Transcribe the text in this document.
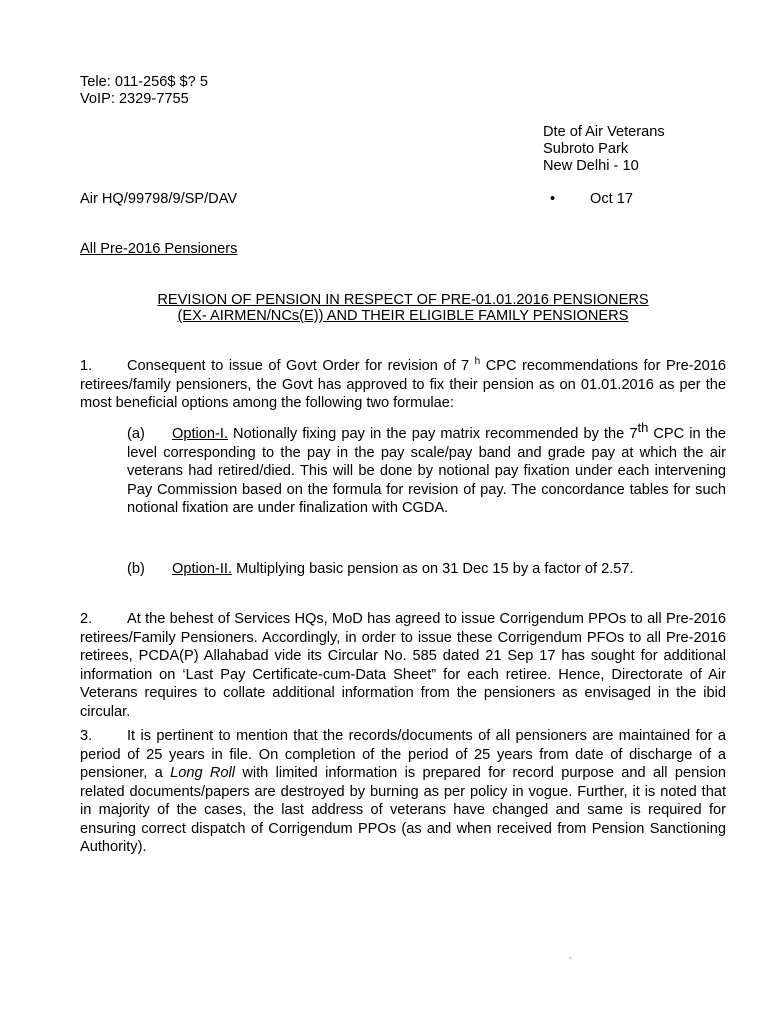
Tele: 011-256$ $? 5
VoIP: 2329-7755
Dte of Air Veterans
Subroto Park
New Delhi - 10
Air HQ/99798/9/SP/DAV	• Oct 17
All Pre-2016 Pensioners
REVISION OF PENSION IN RESPECT OF PRE-01.01.2016 PENSIONERS
(EX- AIRMEN/NCs(E)) AND THEIR ELIGIBLE FAMILY PENSIONERS

1. Consequent to issue of Govt Order for revision of 7 $^h$ CPC recommendations for Pre-2016 retirees/family pensioners, the Govt has approved to fix their pension as on 01.01.2016 as per the most beneficial options among the following two formulae:

(a) Option-I. Notionally fixing pay in the pay matrix recommended by the 7th CPC in the level corresponding to the pay in the pay scale/pay band and grade pay at which the air veterans had retired/died. This will be done by notional pay fixation under each intervening Pay Commission based on the formula for revision of pay. The concordance tables for such notional fixation are under finalization with CGDA.

(b) Option-II. Multiplying basic pension as on 31 Dec 15 by a factor of 2.57.

2. At the behest of Services HQs, MoD has agreed to issue Corrigendum PPOs to all Pre-2016 retirees/Family Pensioners. Accordingly, in order to issue these Corrigendum PFOs to all Pre-2016 retirees, PCDA(P) Allahabad vide its Circular No. 585 dated 21 Sep 17 has sought for additional information on ‘Last Pay Certificate-cum-Data Sheet” for each retiree. Hence, Directorate of Air Veterans requires to collate additional information from the pensioners as envisaged in the ibid circular.

3. It is pertinent to mention that the records/documents of all pensioners are maintained for a period of 25 years in file. On completion of the period of 25 years from date of discharge of a pensioner, a Long Roll with limited information is prepared for record purpose and all pension related documents/papers are destroyed by burning as per policy in vogue. Further, it is noted that in majority of the cases, the last address of veterans have changed and same is required for ensuring correct dispatch of Corrigendum PPOs (as and when received from Pension Sanctioning Authority).

ᵢᵢᵢ
